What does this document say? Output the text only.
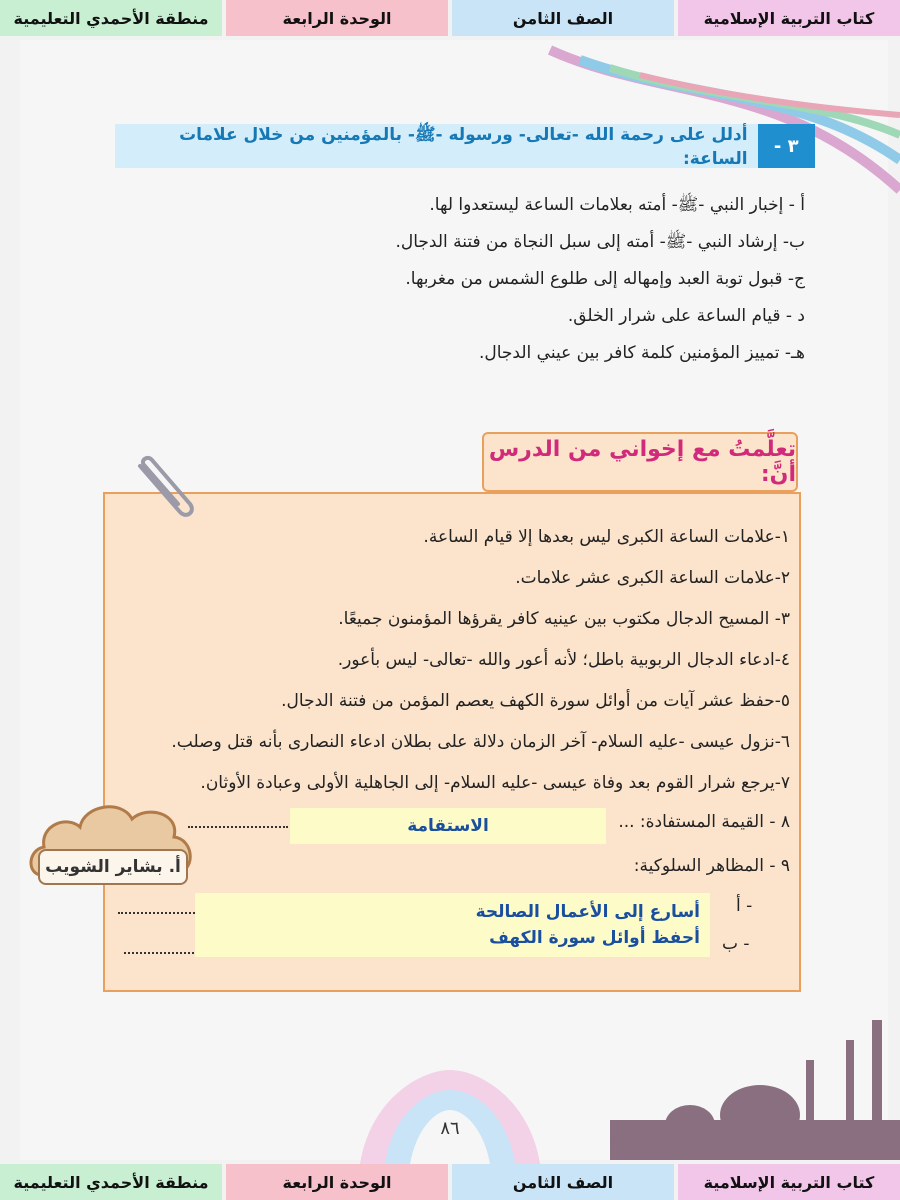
كتاب التربية الإسلامية
الصف الثامن
الوحدة الرابعة
منطقة الأحمدي التعليمية
٣ -
أدلل على رحمة الله -تعالى- ورسوله -ﷺ- بالمؤمنين من خلال علامات الساعة:
أ - إخبار النبي -ﷺ- أمته بعلامات الساعة ليستعدوا لها.
ب- إرشاد النبي -ﷺ- أمته إلى سبل النجاة من فتنة الدجال.
ج- قبول توبة العبد وإمهاله إلى طلوع الشمس من مغربها.
د - قيام الساعة على شرار الخلق.
هـ- تمييز المؤمنين كلمة كافر بين عيني الدجال.
تعلَّمتُ مع إخواني من الدرس أنَّ:
١-علامات الساعة الكبرى ليس بعدها إلا قيام الساعة.
٢-علامات الساعة الكبرى عشر علامات.
٣- المسيح الدجال مكتوب بين عينيه كافر يقرؤها المؤمنون جميعًا.
٤-ادعاء الدجال الربوبية باطل؛ لأنه أعور والله -تعالى- ليس بأعور.
٥-حفظ عشر آيات من أوائل سورة الكهف يعصم المؤمن من فتنة الدجال.
٦-نزول عيسى -عليه السلام- آخر الزمان دلالة على بطلان ادعاء النصارى بأنه قتل وصلب.
٧-يرجع شرار القوم بعد وفاة عيسى -عليه السلام- إلى الجاهلية الأولى وعبادة الأوثان.
٨ - القيمة المستفادة: ...
الاستقامة
٩ - المظاهر السلوكية:
أ -
ب -
أسارع إلى الأعمال الصالحة
أحفظ أوائل سورة الكهف
أ. بشاير الشويب
٨٦
كتاب التربية الإسلامية
الصف الثامن
الوحدة الرابعة
منطقة الأحمدي التعليمية
